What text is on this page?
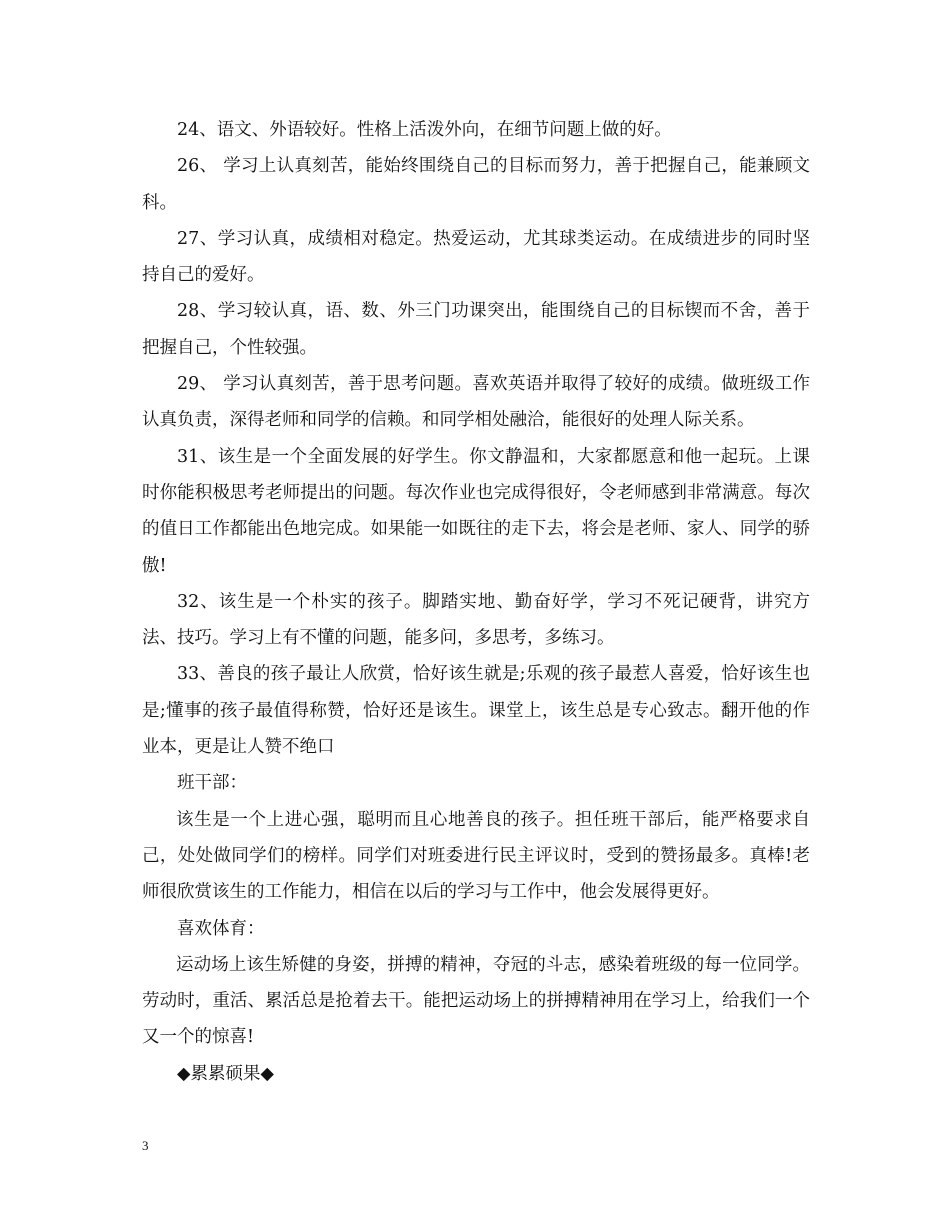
24、语文、外语较好。性格上活泼外向，在细节问题上做的好。

26、 学习上认真刻苦，能始终围绕自己的目标而努力，善于把握自己，能兼顾文科。

27、学习认真，成绩相对稳定。热爱运动，尤其球类运动。在成绩进步的同时坚持自己的爱好。

28、学习较认真，语、数、外三门功课突出，能围绕自己的目标锲而不舍，善于把握自己，个性较强。

29、 学习认真刻苦，善于思考问题。喜欢英语并取得了较好的成绩。做班级工作认真负责，深得老师和同学的信赖。和同学相处融洽，能很好的处理人际关系。

31、该生是一个全面发展的好学生。你文静温和，大家都愿意和他一起玩。上课时你能积极思考老师提出的问题。每次作业也完成得很好，令老师感到非常满意。每次的值日工作都能出色地完成。如果能一如既往的走下去，将会是老师、家人、同学的骄傲!

32、该生是一个朴实的孩子。脚踏实地、勤奋好学，学习不死记硬背，讲究方法、技巧。学习上有不懂的问题，能多问，多思考，多练习。

33、善良的孩子最让人欣赏，恰好该生就是;乐观的孩子最惹人喜爱，恰好该生也是;懂事的孩子最值得称赞，恰好还是该生。课堂上，该生总是专心致志。翻开他的作业本，更是让人赞不绝口

班干部：

该生是一个上进心强，聪明而且心地善良的孩子。担任班干部后，能严格要求自己，处处做同学们的榜样。同学们对班委进行民主评议时，受到的赞扬最多。真棒!老师很欣赏该生的工作能力，相信在以后的学习与工作中，他会发展得更好。

喜欢体育：

运动场上该生矫健的身姿，拼搏的精神，夺冠的斗志，感染着班级的每一位同学。劳动时，重活、累活总是抢着去干。能把运动场上的拼搏精神用在学习上，给我们一个又一个的惊喜!

◆累累硕果◆

3
